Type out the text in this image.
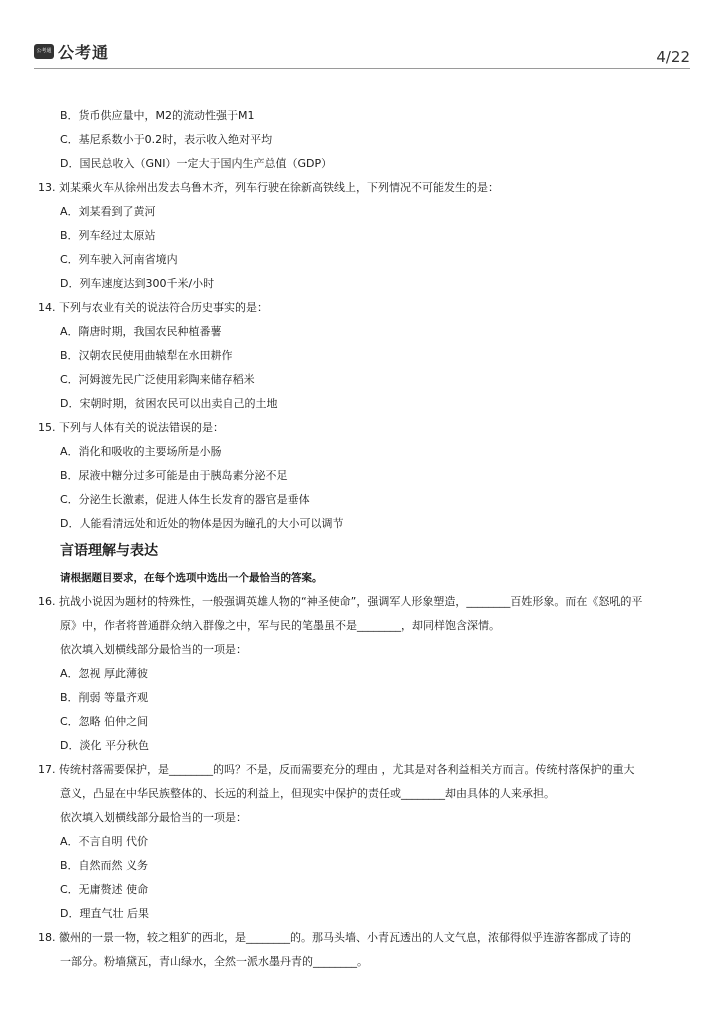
公考通 公考通	4/22
B．货币供应量中，M2的流动性强于M1
C．基尼系数小于0.2时，表示收入绝对平均
D．国民总收入（GNI）一定大于国内生产总值（GDP）
13. 刘某乘火车从徐州出发去乌鲁木齐，列车行驶在徐新高铁线上，下列情况不可能发生的是：
A．刘某看到了黄河
B．列车经过太原站
C．列车驶入河南省境内
D．列车速度达到300千米/小时
14. 下列与农业有关的说法符合历史事实的是：
A．隋唐时期，我国农民种植番薯
B．汉朝农民使用曲辕犁在水田耕作
C．河姆渡先民广泛使用彩陶来储存稻米
D．宋朝时期，贫困农民可以出卖自己的土地
15. 下列与人体有关的说法错误的是：
A．消化和吸收的主要场所是小肠
B．尿液中糖分过多可能是由于胰岛素分泌不足
C．分泌生长激素，促进人体生长发育的器官是垂体
D．人能看清远处和近处的物体是因为瞳孔的大小可以调节
言语理解与表达
请根据题目要求，在每个选项中选出一个最恰当的答案。
16. 抗战小说因为题材的特殊性，一般强调英雄人物的“神圣使命”，强调军人形象塑造，________百姓形象。而在《怒吼的平
原》中，作者将普通群众纳入群像之中，军与民的笔墨虽不是________，却同样饱含深情。
依次填入划横线部分最恰当的一项是：
A．忽视 厚此薄彼
B．削弱 等量齐观
C．忽略 伯仲之间
D．淡化 平分秋色
17. 传统村落需要保护，是________的吗？不是，反而需要充分的理由 ，尤其是对各利益相关方而言。传统村落保护的重大
意义，凸显在中华民族整体的、长远的利益上，但现实中保护的责任或________却由具体的人来承担。
依次填入划横线部分最恰当的一项是：
A．不言自明 代价
B．自然而然 义务
C．无庸赘述 使命
D．理直气壮 后果
18. 徽州的一景一物，较之粗犷的西北，是________的。那马头墙、小青瓦透出的人文气息，浓郁得似乎连游客都成了诗的
一部分。粉墙黛瓦，青山绿水，全然一派水墨丹青的________。
